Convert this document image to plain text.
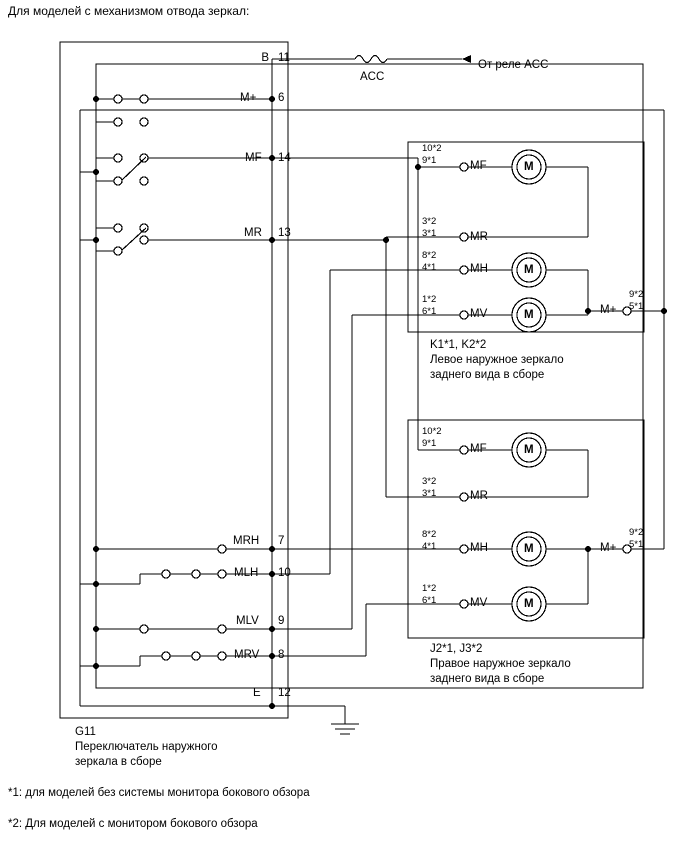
Для моделей с механизмом отвода зеркал:
B 11
ACC
От реле ACC
M+ 6
MF 14
MR 13
MRH 7
MLH 10
MLV 9
MRV 8
E 12
G11
Переключатель наружного
зеркала в сборе
10*2
9*1	MF
3*2
3*1	MR
8*2
4*1	MH
1*2
6*1	MV	M+
9*2
5*1
M
M
M
K1*1, K2*2
Левое наружное зеркало
заднего вида в сборе
10*2
9*1	MF
3*2
3*1	MR
8*2
4*1	MH
1*2
6*1	MV
M+
9*2
5*1
M
M
M
J2*1, J3*2
Правое наружное зеркало
заднего вида в сборе
*1: для моделей без системы монитора бокового обзора
*2: Для моделей с монитором бокового обзора
